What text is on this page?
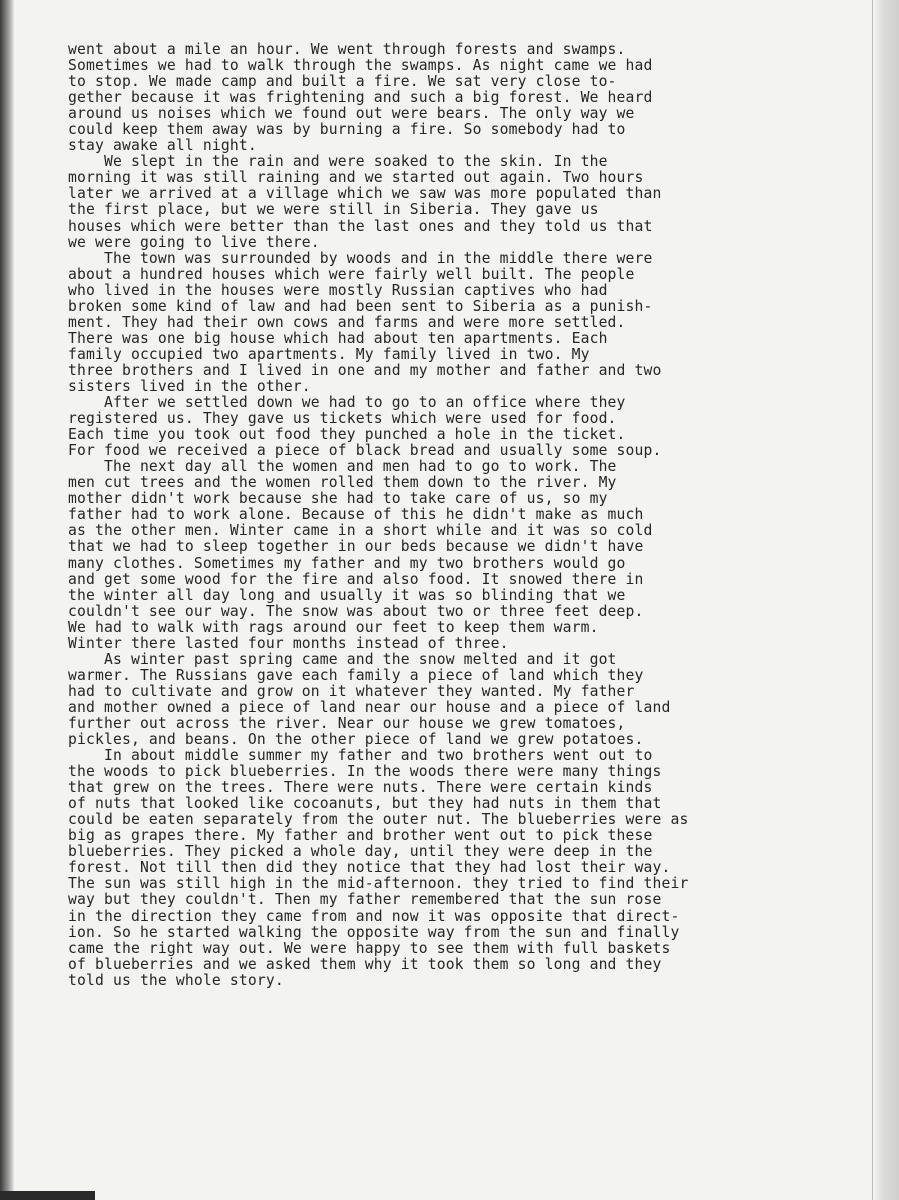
went about a mile an hour. We went through forests and swamps.
Sometimes we had to walk through the swamps. As night came we had
to stop. We made camp and built a fire. We sat very close to-
gether because it was frightening and such a big forest. We heard
around us noises which we found out were bears. The only way we
could keep them away was by burning a fire. So somebody had to
stay awake all night.
We slept in the rain and were soaked to the skin. In the
morning it was still raining and we started out again. Two hours
later we arrived at a village which we saw was more populated than
the first place, but we were still in Siberia. They gave us
houses which were better than the last ones and they told us that
we were going to live there.
The town was surrounded by woods and in the middle there were
about a hundred houses which were fairly well built. The people
who lived in the houses were mostly Russian captives who had
broken some kind of law and had been sent to Siberia as a punish-
ment. They had their own cows and farms and were more settled.
There was one big house which had about ten apartments. Each
family occupied two apartments. My family lived in two. My
three brothers and I lived in one and my mother and father and two
sisters lived in the other.
After we settled down we had to go to an office where they
registered us. They gave us tickets which were used for food.
Each time you took out food they punched a hole in the ticket.
For food we received a piece of black bread and usually some soup.
The next day all the women and men had to go to work. The
men cut trees and the women rolled them down to the river. My
mother didn't work because she had to take care of us, so my
father had to work alone. Because of this he didn't make as much
as the other men. Winter came in a short while and it was so cold
that we had to sleep together in our beds because we didn't have
many clothes. Sometimes my father and my two brothers would go
and get some wood for the fire and also food. It snowed there in
the winter all day long and usually it was so blinding that we
couldn't see our way. The snow was about two or three feet deep.
We had to walk with rags around our feet to keep them warm.
Winter there lasted four months instead of three.
As winter past spring came and the snow melted and it got
warmer. The Russians gave each family a piece of land which they
had to cultivate and grow on it whatever they wanted. My father
and mother owned a piece of land near our house and a piece of land
further out across the river. Near our house we grew tomatoes,
pickles, and beans. On the other piece of land we grew potatoes.
In about middle summer my father and two brothers went out to
the woods to pick blueberries. In the woods there were many things
that grew on the trees. There were nuts. There were certain kinds
of nuts that looked like cocoanuts, but they had nuts in them that
could be eaten separately from the outer nut. The blueberries were as
big as grapes there. My father and brother went out to pick these
blueberries. They picked a whole day, until they were deep in the
forest. Not till then did they notice that they had lost their way.
The sun was still high in the mid-afternoon. they tried to find their
way but they couldn't. Then my father remembered that the sun rose
in the direction they came from and now it was opposite that direct-
ion. So he started walking the opposite way from the sun and finally
came the right way out. We were happy to see them with full baskets
of blueberries and we asked them why it took them so long and they
told us the whole story.
